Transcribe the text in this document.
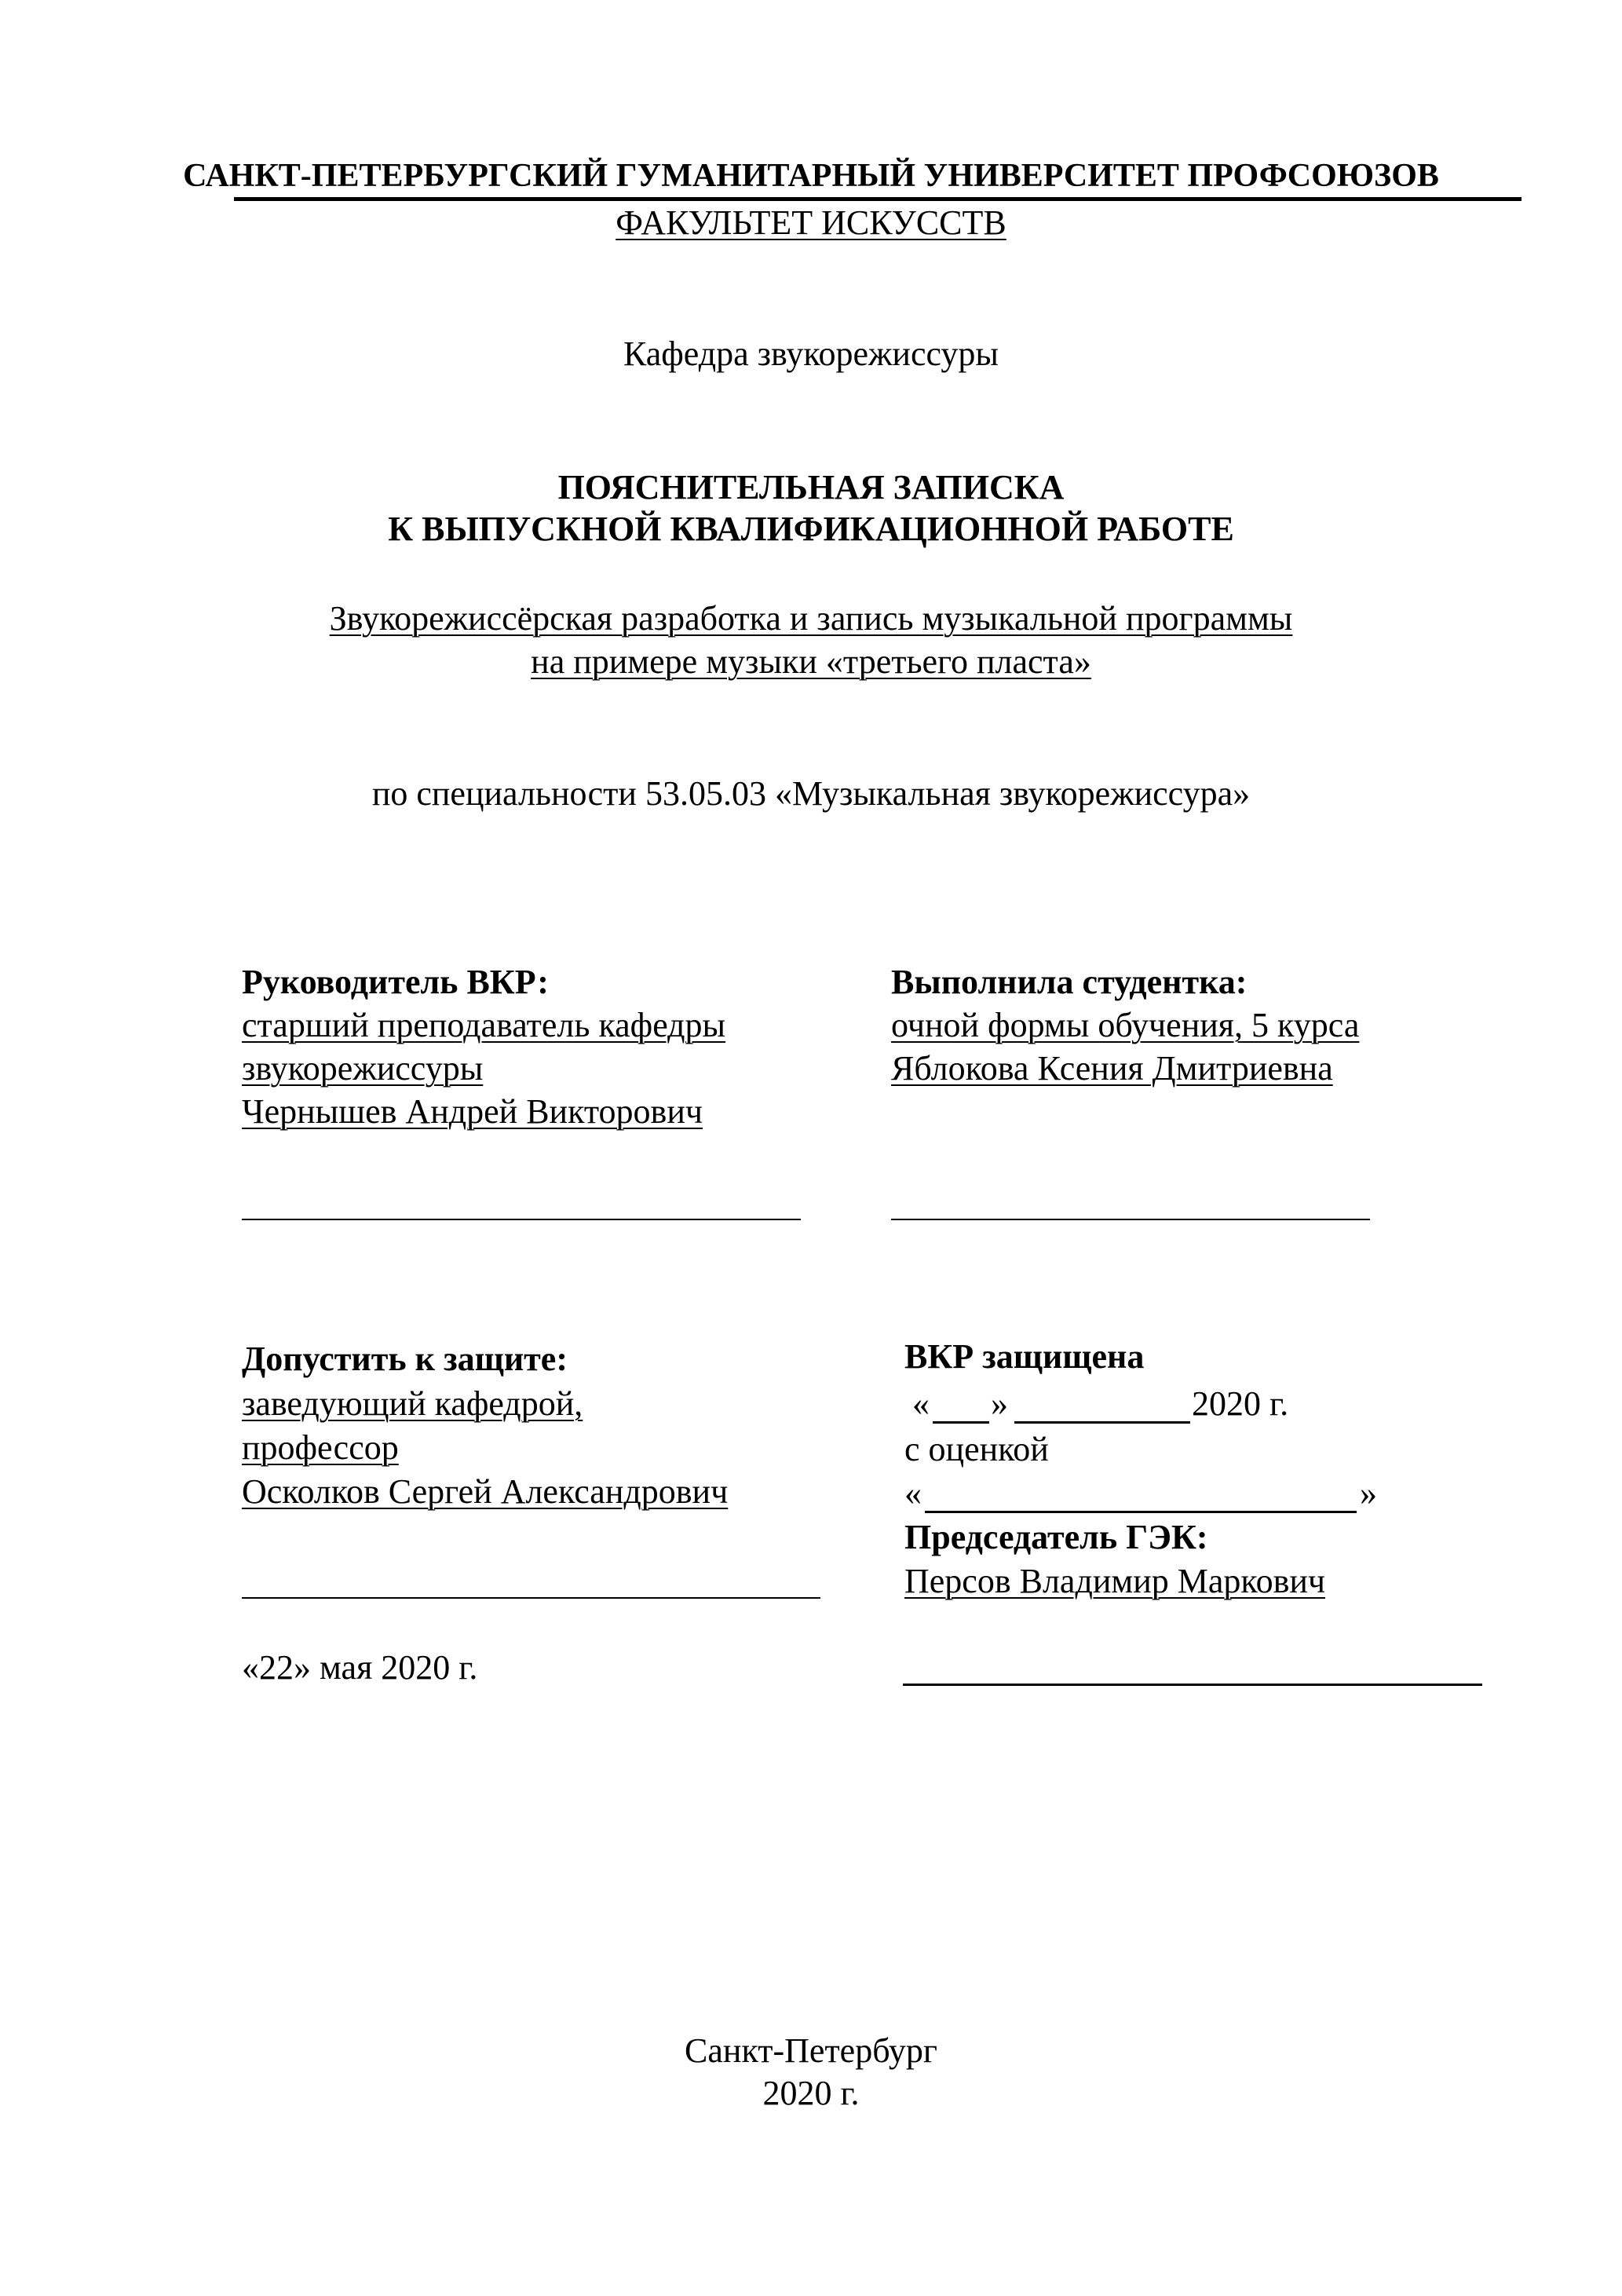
САНКТ-ПЕТЕРБУРГСКИЙ ГУМАНИТАРНЫЙ УНИВЕРСИТЕТ ПРОФСОЮЗОВ
ФАКУЛЬТЕТ ИСКУССТВ
Кафедра звукорежиссуры
ПОЯСНИТЕЛЬНАЯ ЗАПИСКА
К ВЫПУСКНОЙ КВАЛИФИКАЦИОННОЙ РАБОТЕ
Звукорежиссёрская разработка и запись музыкальной программы
на примере музыки «третьего пласта»
по специальности 53.05.03 «Музыкальная звукорежиссура»
Руководитель ВКР:
старший преподаватель кафедры
звукорежиссуры
Чернышев Андрей Викторович
Выполнила студентка:
очной формы обучения, 5 курса
Яблокова Ксения Дмитриевна
Допустить к защите:
заведующий кафедрой,
профессор
Осколков Сергей Александрович
«22» мая 2020 г.
ВКР защищена
« »	2020 г.
с оценкой
«	»
Председатель ГЭК:
Персов Владимир Маркович
Санкт-Петербург
2020 г.
